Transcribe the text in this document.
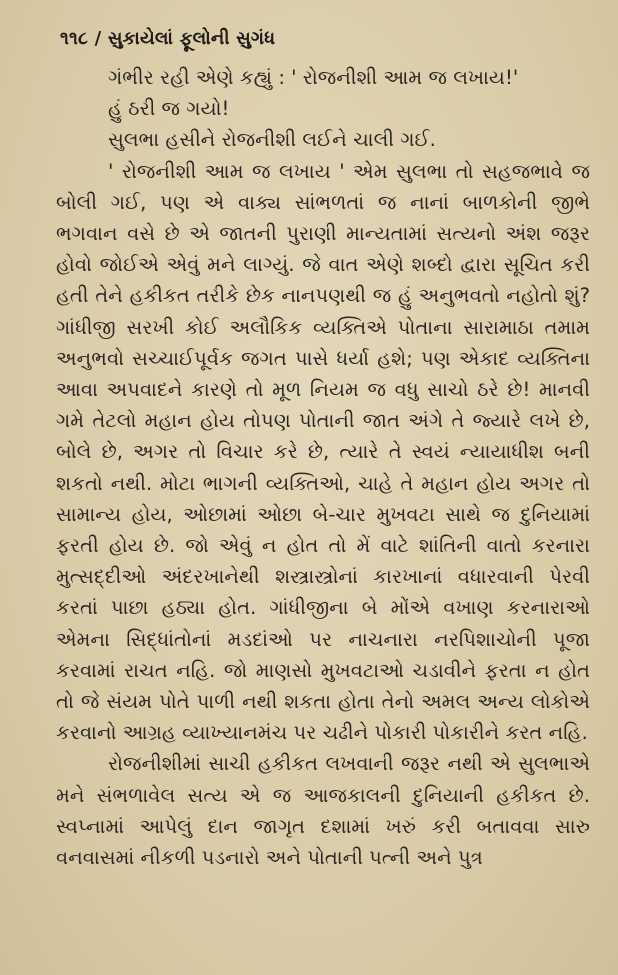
૧૧૮ / સુકાયેલાં ફૂલોની સુગંધ

ગંભીર રહી એણે કહ્યું : ' રોજનીશી આમ જ લખાય!'

હું ઠરી જ ગયો!

સુલભા હસીને રોજનીશી લઈને ચાલી ગઈ.

' રોજનીશી આમ જ લખાય ' એમ સુલભા તો સહજભાવે જ બોલી ગઈ, પણ એ વાક્ય સાંભળતાં જ નાનાં બાળકોની જીભે ભગવાન વસે છે એ જાતની પુરાણી માન્યતામાં સત્યનો અંશ જરૂર હોવો જોઈએ એવું મને લાગ્યું. જે વાત એણે શબ્દો દ્વારા સૂચિત કરી હતી તેને હકીકત તરીકે છેક નાનપણથી જ હું અનુભવતો નહોતો શું? ગાંધીજી સરખી કોઈ અલૌકિક વ્યક્તિએ પોતાના સારામાઠા તમામ અનુભવો સચ્ચાઈપૂર્વક જગત પાસે ધર્યા હશે; પણ એકાદ વ્યક્તિના આવા અપવાદને કારણે તો મૂળ નિયમ જ વધુ સાચો ઠરે છે! માનવી ગમે તેટલો મહાન હોય તોપણ પોતાની જાત અંગે તે જ્યારે લખે છે, બોલે છે, અગર તો વિચાર કરે છે, ત્યારે તે સ્વયં ન્યાયાધીશ બની શકતો નથી. મોટા ભાગની વ્યક્તિઓ, ચાહે તે મહાન હોય અગર તો સામાન્ય હોય, ઓછામાં ઓછા બે-ચાર મુખવટા સાથે જ દુનિયામાં ફરતી હોય છે. જો એવું ન હોત તો મેં વાટે શાંતિની વાતો કરનારા મુત્સદ્દીઓ અંદરખાનેથી શસ્ત્રાસ્ત્રોનાં કારખાનાં વધારવાની પેરવી કરતાં પાછા હઠ્યા હોત. ગાંધીજીના બે મોંએ વખાણ કરનારાઓ એમના સિદ્ધાંતોનાં મડદાંઓ પર નાચનારા નરપિશાચોની પૂજા કરવામાં રાચત નહિ. જો માણસો મુખવટાઓ ચડાવીને ફરતા ન હોત તો જે સંયમ પોતે પાળી નથી શકતા હોતા તેનો અમલ અન્ય લોકોએ કરવાનો આગ્રહ વ્યાખ્યાનમંચ પર ચઢીને પોકારી પોકારીને કરત નહિ.

રોજનીશીમાં સાચી હકીકત લખવાની જરૂર નથી એ સુલભાએ મને સંભળાવેલ સત્ય એ જ આજકાલની દુનિયાની હકીકત છે. સ્વપ્નામાં આપેલું દાન જાગૃત દશામાં ખરું કરી બતાવવા સારુ વનવાસમાં નીકળી પડનારો અને પોતાની પત્ની અને પુત્ર
